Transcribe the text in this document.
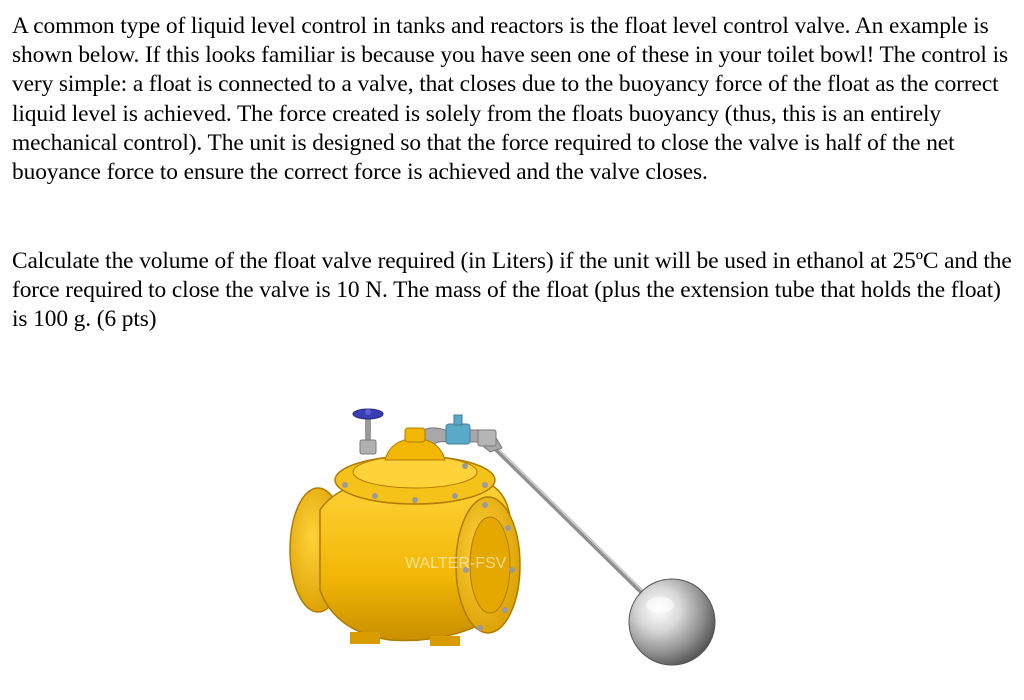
A common type of liquid level control in tanks and reactors is the float level control valve. An example is shown below. If this looks familiar is because you have seen one of these in your toilet bowl! The control is very simple: a float is connected to a valve, that closes due to the buoyancy force of the float as the correct liquid level is achieved. The force created is solely from the floats buoyancy (thus, this is an entirely mechanical control). The unit is designed so that the force required to close the valve is half of the net buoyance force to ensure the correct force is achieved and the valve closes.

Calculate the volume of the float valve required (in Liters) if the unit will be used in ethanol at 25ºC and the force required to close the valve is 10 N. The mass of the float (plus the extension tube that holds the float) is 100 g. (6 pts)

WALTER-FSV
